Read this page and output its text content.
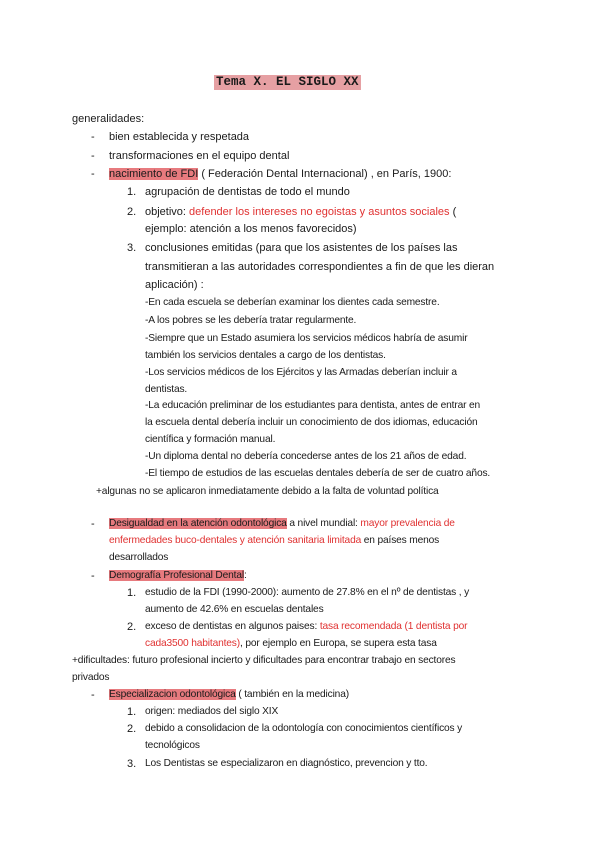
Tema X. EL SIGLO XX
generalidades:
- bien establecida y respetada
- transformaciones en el equipo dental
- nacimiento de FDI ( Federación Dental Internacional) , en París, 1900:
1. agrupación de dentistas de todo el mundo
2. objetivo: defender los intereses no egoistas y asuntos sociales (
ejemplo: atención a los menos favorecidos)
3. conclusiones emitidas (para que los asistentes de los países las
transmitieran a las autoridades correspondientes a fin de que les dieran
aplicación) :
-En cada escuela se deberían examinar los dientes cada semestre.
-A los pobres se les debería tratar regularmente.
-Siempre que un Estado asumiera los servicios médicos habría de asumir
también los servicios dentales a cargo de los dentistas.
-Los servicios médicos de los Ejércitos y las Armadas deberían incluir a
dentistas.
-La educación preliminar de los estudiantes para dentista, antes de entrar en
la escuela dental debería incluir un conocimiento de dos idiomas, educación
científica y formación manual.
-Un diploma dental no debería concederse antes de los 21 años de edad.
-El tiempo de estudios de las escuelas dentales debería de ser de cuatro años.
+algunas no se aplicaron inmediatamente debido a la falta de voluntad política
- Desigualdad en la atención odontológica a nivel mundial: mayor prevalencia de
enfermedades buco-dentales y atención sanitaria limitada en países menos
desarrollados
- Demografía Profesional Dental:
1. estudio de la FDI (1990-2000): aumento de 27.8% en el nº de dentistas , y
aumento de 42.6% en escuelas dentales
2. exceso de dentistas en algunos paises: tasa recomendada (1 dentista por
cada3500 habitantes), por ejemplo en Europa, se supera esta tasa
+dificultades: futuro profesional incierto y dificultades para encontrar trabajo en sectores
privados
- Especializacion odontológica ( también en la medicina)
1. origen: mediados del siglo XIX
2. debido a consolidacion de la odontología con conocimientos científicos y
tecnológicos
3. Los Dentistas se especializaron en diagnóstico, prevencion y tto.
